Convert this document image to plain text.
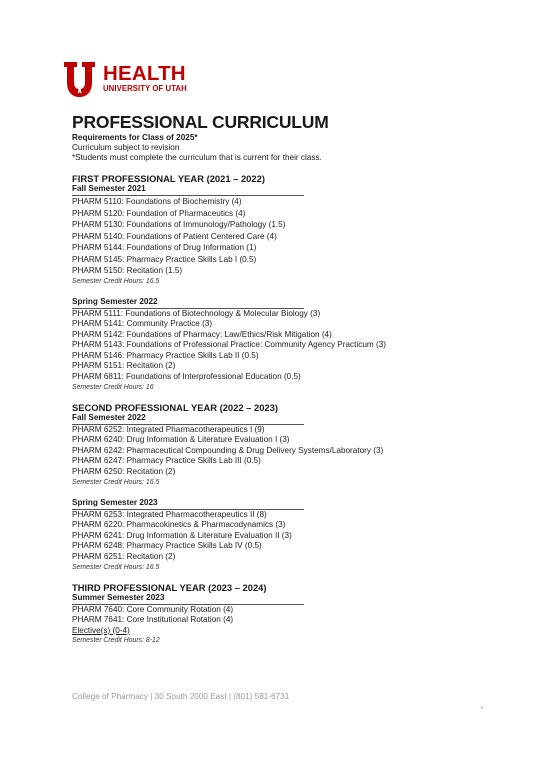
HEALTH
UNIVERSITY OF UTAH
PROFESSIONAL CURRICULUM
Requirements for Class of 2025*
Curriculum subject to revision
*Students must complete the curriculum that is current for their class.
FIRST PROFESSIONAL YEAR (2021 – 2022)
Fall Semester 2021
PHARM 5110: Foundations of Biochemistry (4)
PHARM 5120: Foundation of Pharmaceutics (4)
PHARM 5130: Foundations of Immunology/Pathology (1.5)
PHARM 5140: Foundations of Patient Centered Care (4)
PHARM 5144: Foundations of Drug Information (1)
PHARM 5145: Pharmacy Practice Skills Lab I (0.5)
PHARM 5150: Recitation (1.5)
Semester Credit Hours: 16.5
Spring Semester 2022
PHARM 5111: Foundations of Biotechnology & Molecular Biology (3)
PHARM 5141: Community Practice (3)
PHARM 5142: Foundations of Pharmacy: Law/Ethics/Risk Mitigation (4)
PHARM 5143: Foundations of Professional Practice: Community Agency Practicum (3)
PHARM 5146: Pharmacy Practice Skills Lab II (0.5)
PHARM 5151: Recitation (2)
PHARM 6811: Foundations of Interprofessional Education (0.5)
Semester Credit Hours: 16
SECOND PROFESSIONAL YEAR (2022 – 2023)
Fall Semester 2022
PHARM 6252: Integrated Pharmacotherapeutics I (9)
PHARM 6240: Drug Information & Literature Evaluation I (3)
PHARM 6242: Pharmaceutical Compounding & Drug Delivery Systems/Laboratory (3)
PHARM 6247: Pharmacy Practice Skills Lab III (0.5)
PHARM 6250: Recitation (2)
Semester Credit Hours: 16.5
Spring Semester 2023
PHARM 6253: Integrated Pharmacotherapeutics II (8)
PHARM 6220: Pharmacokinetics & Pharmacodynamics (3)
PHARM 6241: Drug Information & Literature Evaluation II (3)
PHARM 6248: Pharmacy Practice Skills Lab IV (0.5)
PHARM 6251: Recitation (2)
Semester Credit Hours: 16.5
THIRD PROFESSIONAL YEAR (2023 – 2024)
Summer Semester 2023
PHARM 7640: Core Community Rotation (4)
PHARM 7641: Core Institutional Rotation (4)
Elective(s) (0-4)
Semester Credit Hours: 8-12
College of Pharmacy | 30 South 2000 East | (801) 581-6731
•
